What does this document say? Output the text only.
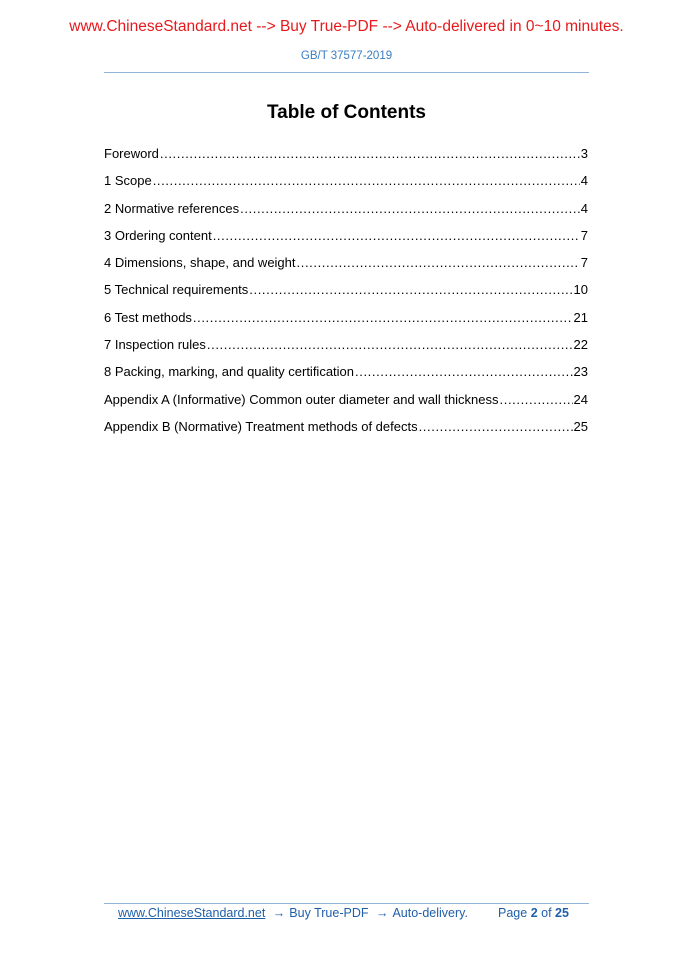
www.ChineseStandard.net --> Buy True-PDF --> Auto-delivered in 0~10 minutes.
GB/T 37577-2019
Table of Contents
Foreword .....	3
1 Scope .....	4
2 Normative references .....	4
3 Ordering content .....	7
4 Dimensions, shape, and weight .....	7
5 Technical requirements .....	10
6 Test methods .....	21
7 Inspection rules .....	22
8 Packing, marking, and quality certification .....	23
Appendix A (Informative) Common outer diameter and wall thickness .....	24
Appendix B (Normative) Treatment methods of defects .....	25
www.ChineseStandard.net → Buy True-PDF → Auto-delivery. Page 2 of 25
